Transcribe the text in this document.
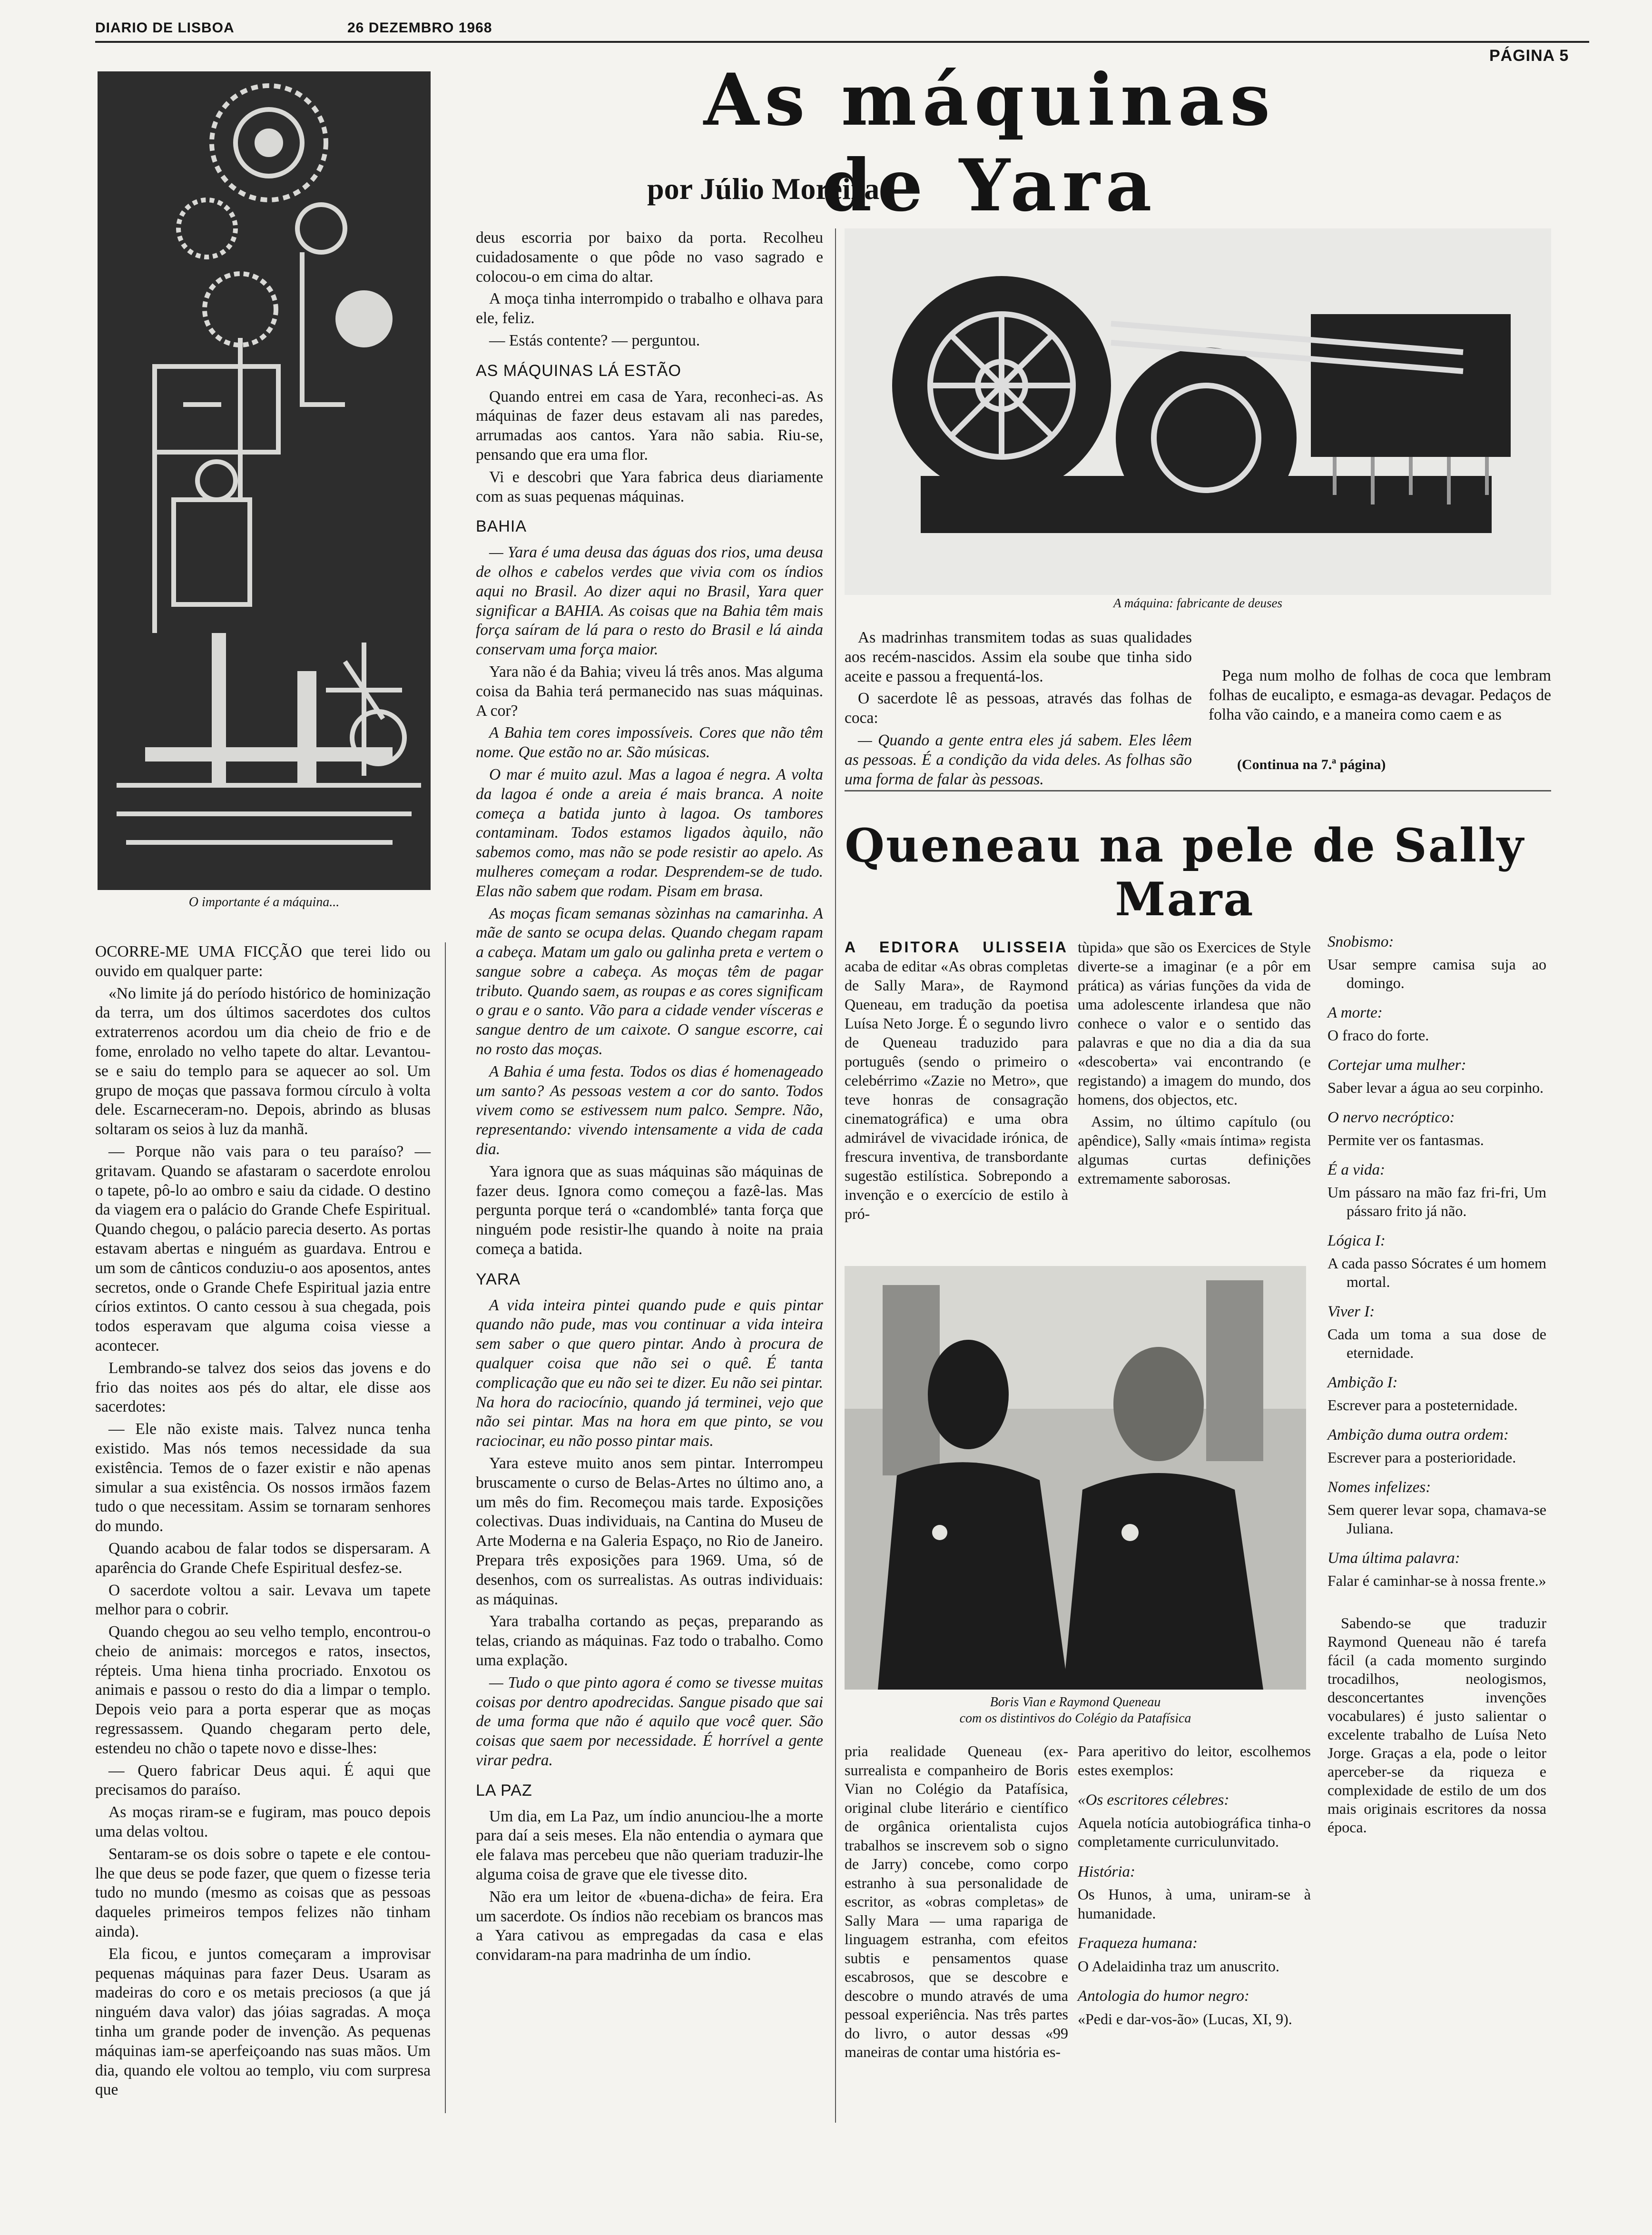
DIARIO DE LISBOA	26 DEZEMBRO 1968
PÁGINA 5
As máquinas de Yara
por Júlio Moreira
O importante é a máquina...

OCORRE-ME UMA FICÇÃO que terei lido ou ouvido em qualquer parte:

«No limite já do período histórico de hominização da terra, um dos últimos sacerdotes dos cultos extraterrenos acordou um dia cheio de frio e de fome, enrolado no velho tapete do altar. Levantou-se e saiu do templo para se aquecer ao sol. Um grupo de moças que passava formou círculo à volta dele. Escarneceram-no. Depois, abrindo as blusas soltaram os seios à luz da manhã.

— Porque não vais para o teu paraíso? — gritavam. Quando se afastaram o sacerdote enrolou o tapete, pô-lo ao ombro e saiu da cidade. O destino da viagem era o palácio do Grande Chefe Espiritual. Quando chegou, o palácio parecia deserto. As portas estavam abertas e ninguém as guardava. Entrou e um som de cânticos conduziu-o aos aposentos, antes secretos, onde o Grande Chefe Espiritual jazia entre círios extintos. O canto cessou à sua chegada, pois todos esperavam que alguma coisa viesse a acontecer.

Lembrando-se talvez dos seios das jovens e do frio das noites aos pés do altar, ele disse aos sacerdotes:

— Ele não existe mais. Talvez nunca tenha existido. Mas nós temos necessidade da sua existência. Temos de o fazer existir e não apenas simular a sua existência. Os nossos irmãos fazem tudo o que necessitam. Assim se tornaram senhores do mundo.

Quando acabou de falar todos se dispersaram. A aparência do Grande Chefe Espiritual desfez-se.

O sacerdote voltou a sair. Levava um tapete melhor para o cobrir.

Quando chegou ao seu velho templo, encontrou-o cheio de animais: morcegos e ratos, insectos, répteis. Uma hiena tinha procriado. Enxotou os animais e passou o resto do dia a limpar o templo. Depois veio para a porta esperar que as moças regressassem. Quando chegaram perto dele, estendeu no chão o tapete novo e disse-lhes:

— Quero fabricar Deus aqui. É aqui que precisamos do paraíso.

As moças riram-se e fugiram, mas pouco depois uma delas voltou.

Sentaram-se os dois sobre o tapete e ele contou-lhe que deus se pode fazer, que quem o fizesse teria tudo no mundo (mesmo as coisas que as pessoas daqueles primeiros tempos felizes não tinham ainda).

Ela ficou, e juntos começaram a improvisar pequenas máquinas para fazer Deus. Usaram as madeiras do coro e os metais preciosos (a que já ninguém dava valor) das jóias sagradas. A moça tinha um grande poder de invenção. As pequenas máquinas iam-se aperfeiçoando nas suas mãos. Um dia, quando ele voltou ao templo, viu com surpresa que

deus escorria por baixo da porta. Recolheu cuidadosamente o que pôde no vaso sagrado e colocou-o em cima do altar.

A moça tinha interrompido o trabalho e olhava para ele, feliz.

— Estás contente? — perguntou.

AS MÁQUINAS LÁ ESTÃO

Quando entrei em casa de Yara, reconheci-as. As máquinas de fazer deus estavam ali nas paredes, arrumadas aos cantos. Yara não sabia. Riu-se, pensando que era uma flor.

Vi e descobri que Yara fabrica deus diariamente com as suas pequenas máquinas.

BAHIA

— Yara é uma deusa das águas dos rios, uma deusa de olhos e cabelos verdes que vivia com os índios aqui no Brasil. Ao dizer aqui no Brasil, Yara quer significar a BAHIA. As coisas que na Bahia têm mais força saíram de lá para o resto do Brasil e lá ainda conservam uma força maior.

Yara não é da Bahia; viveu lá três anos. Mas alguma coisa da Bahia terá permanecido nas suas máquinas. A cor?

A Bahia tem cores impossíveis. Cores que não têm nome. Que estão no ar. São músicas.

O mar é muito azul. Mas a lagoa é negra. A volta da lagoa é onde a areia é mais branca. A noite começa a batida junto à lagoa. Os tambores contaminam. Todos estamos ligados àquilo, não sabemos como, mas não se pode resistir ao apelo. As mulheres começam a rodar. Desprendem-se de tudo. Elas não sabem que rodam. Pisam em brasa.

As moças ficam semanas sòzinhas na camarinha. A mãe de santo se ocupa delas. Quando chegam rapam a cabeça. Matam um galo ou galinha preta e vertem o sangue sobre a cabeça. As moças têm de pagar tributo. Quando saem, as roupas e as cores significam o grau e o santo. Vão para a cidade vender vísceras e sangue dentro de um caixote. O sangue escorre, cai no rosto das moças.

A Bahia é uma festa. Todos os dias é homenageado um santo? As pessoas vestem a cor do santo. Todos vivem como se estivessem num palco. Sempre. Não, representando: vivendo intensamente a vida de cada dia.

Yara ignora que as suas máquinas são máquinas de fazer deus. Ignora como começou a fazê-las. Mas pergunta porque terá o «candomblé» tanta força que ninguém pode resistir-lhe quando à noite na praia começa a batida.

YARA

A vida inteira pintei quando pude e quis pintar quando não pude, mas vou continuar a vida inteira sem saber o que quero pintar. Ando à procura de qualquer coisa que não sei o quê. É tanta complicação que eu não sei te dizer. Eu não sei pintar. Na hora do raciocínio, quando já terminei, vejo que não sei pintar. Mas na hora em que pinto, se vou raciocinar, eu não posso pintar mais.

Yara esteve muito anos sem pintar. Interrompeu bruscamente o curso de Belas-Artes no último ano, a um mês do fim. Recomeçou mais tarde. Exposições colectivas. Duas individuais, na Cantina do Museu de Arte Moderna e na Galeria Espaço, no Rio de Janeiro. Prepara três exposições para 1969. Uma, só de desenhos, com os surrealistas. As outras individuais: as máquinas.

Yara trabalha cortando as peças, preparando as telas, criando as máquinas. Faz todo o trabalho. Como uma explação.

— Tudo o que pinto agora é como se tivesse muitas coisas por dentro apodrecidas. Sangue pisado que sai de uma forma que não é aquilo que você quer. São coisas que saem por necessidade. É horrível a gente virar pedra.

LA PAZ

Um dia, em La Paz, um índio anunciou-lhe a morte para daí a seis meses. Ela não entendia o aymara que ele falava mas percebeu que não queriam traduzir-lhe alguma coisa de grave que ele tivesse dito.

Não era um leitor de «buena-dicha» de feira. Era um sacerdote. Os índios não recebiam os brancos mas a Yara cativou as empregadas da casa e elas convidaram-na para madrinha de um índio.

A máquina: fabricante de deuses

As madrinhas transmitem todas as suas qualidades aos recém-nascidos. Assim ela soube que tinha sido aceite e passou a frequentá-los.

O sacerdote lê as pessoas, através das folhas de coca:

— Quando a gente entra eles já sabem. Eles lêem as pessoas. É a condição da vida deles. As folhas são uma forma de falar às pessoas.

Pega num molho de folhas de coca que lembram folhas de eucalipto, e esmaga-as devagar. Pedaços de folha vão caindo, e a maneira como caem e as

(Continua na 7.ª página)
Queneau na pele de Sally Mara

A EDITORA ULISSEIA acaba de editar «As obras completas de Sally Mara», de Raymond Queneau, em tradução da poetisa Luísa Neto Jorge. É o segundo livro de Queneau traduzido para português (sendo o primeiro o celebérrimo «Zazie no Metro», que teve honras de consagração cinematográfica) e uma obra admirável de vivacidade irónica, de frescura inventiva, de transbordante sugestão estilística. Sobrepondo a invenção e o exercício de estilo à pró-

tùpida» que são os Exercices de Style diverte-se a imaginar (e a pôr em prática) as várias funções da vida de uma adolescente irlandesa que não conhece o valor e o sentido das palavras e que no dia a dia da sua «descoberta» vai encontrando (e registando) a imagem do mundo, dos homens, dos objectos, etc.

Assim, no último capítulo (ou apêndice), Sally «mais íntima» regista algumas curtas definições extremamente saborosas.

Boris Vian e Raymond Queneau
com os distintivos do Colégio da Patafísica

pria realidade Queneau (ex-surrealista e companheiro de Boris Vian no Colégio da Patafísica, original clube literário e científico de orgânica orientalista cujos trabalhos se inscrevem sob o signo de Jarry) concebe, como corpo estranho à sua personalidade de escritor, as «obras completas» de Sally Mara — uma rapariga de linguagem estranha, com efeitos subtis e pensamentos quase escabrosos, que se descobre e descobre o mundo através de uma pessoal experiência. Nas três partes do livro, o autor dessas «99 maneiras de contar uma história es-

Para aperitivo do leitor, escolhemos estes exemplos:

«Os escritores célebres:

Aquela notícia autobiográfica tinha-o completamente curriculunvitado.

História:

Os Hunos, à uma, uniram-se à humanidade.

Fraqueza humana:

O Adelaidinha traz um anuscrito.

Antologia do humor negro:

«Pedi e dar-vos-ão» (Lucas, XI, 9).

Snobismo:

Usar sempre camisa suja ao domingo.

A morte:

O fraco do forte.

Cortejar uma mulher:

Saber levar a água ao seu corpinho.

O nervo necróptico:

Permite ver os fantasmas.

É a vida:

Um pássaro na mão faz fri-fri, Um pássaro frito já não.

Lógica I:

A cada passo Sócrates é um homem mortal.

Viver I:

Cada um toma a sua dose de eternidade.

Ambição I:

Escrever para a posteternidade.

Ambição duma outra ordem:

Escrever para a posterioridade.

Nomes infelizes:

Sem querer levar sopa, chamava-se Juliana.

Uma última palavra:

Falar é caminhar-se à nossa frente.»

Sabendo-se que traduzir Raymond Queneau não é tarefa fácil (a cada momento surgindo trocadilhos, neologismos, desconcertantes invenções vocabulares) é justo salientar o excelente trabalho de Luísa Neto Jorge. Graças a ela, pode o leitor aperceber-se da riqueza e complexidade de estilo de um dos mais originais escritores da nossa época.
